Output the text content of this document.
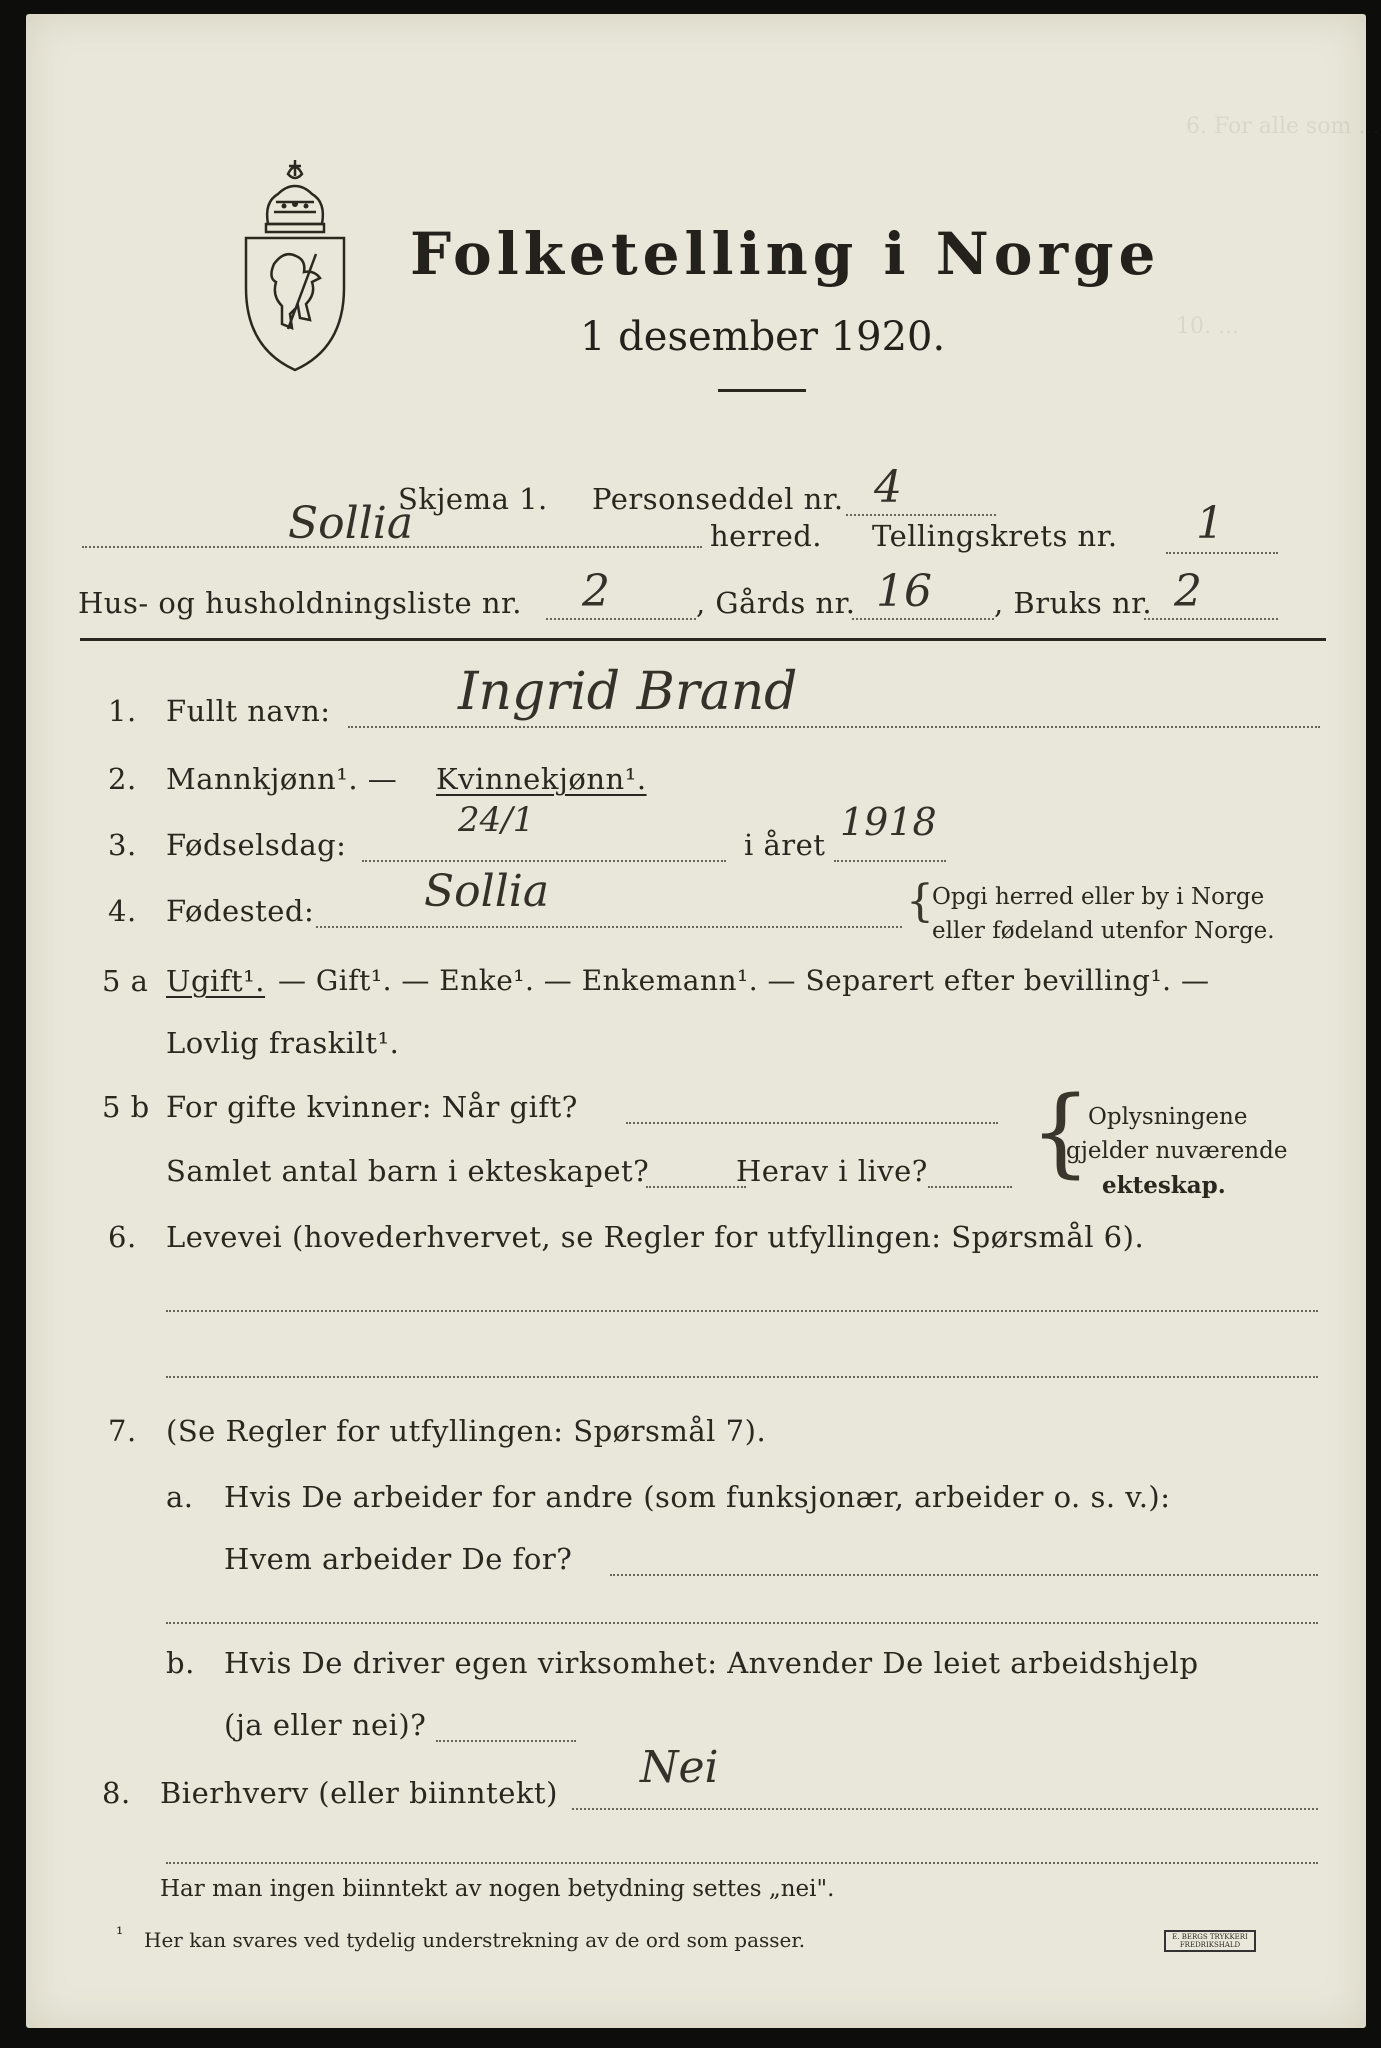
6. For alle som ...
10. ...
Folketelling i Norge
1 desember 1920.
Skjema 1. Personseddel nr. 4
Sollia	herred. Tellingskrets nr. 1
Hus- og husholdningsliste nr. 2	, Gårds nr. 16 , Bruks nr. 2
1. Fullt navn: Ingrid Brand
2. Mannkjønn¹. — Kvinnekjønn¹.
3. Fødselsdag:
24/1
i året
1918
4. Fødested: Sollia	{
Opgi herred eller by i Norge
eller fødeland utenfor Norge.
5 a Ugift¹. — Gift¹. — Enke¹. — Enkemann¹. — Separert efter bevilling¹. —
Lovlig fraskilt¹.
5 b For gifte kvinner: Når gift?
Samlet antal barn i ekteskapet?	Herav i live? {
Oplysningene
gjelder nuværende
ekteskap.
6. Levevei (hovederhvervet, se Regler for utfyllingen: Spørsmål 6).
7. (Se Regler for utfyllingen: Spørsmål 7).
a. Hvis De arbeider for andre (som funksjonær, arbeider o. s. v.):
Hvem arbeider De for?
b. Hvis De driver egen virksomhet: Anvender De leiet arbeidshjelp
(ja eller nei)?
8. Bierhverv (eller biinntekt) Nei
Har man ingen biinntekt av nogen betydning settes „nei".
¹ Her kan svares ved tydelig understrekning av de ord som passer.	E. BERGS TRYKKERI FREDRIKSHALD
